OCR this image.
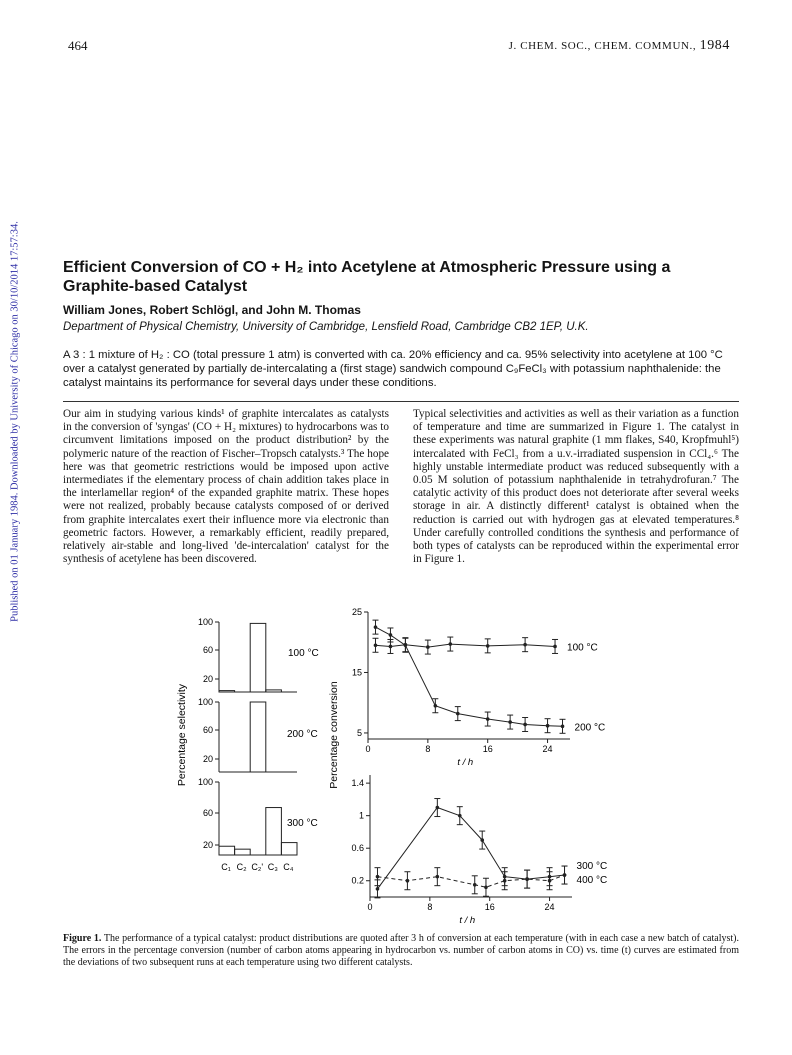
Published on 01 January 1984. Downloaded by University of Chicago on 30/10/2014 17:57:34.
464	J. CHEM. SOC., CHEM. COMMUN., 1984
Efficient Conversion of CO + H₂ into Acetylene at Atmospheric Pressure using a Graphite-based Catalyst
William Jones, Robert Schlögl, and John M. Thomas
Department of Physical Chemistry, University of Cambridge, Lensfield Road, Cambridge CB2 1EP, U.K.
A 3 : 1 mixture of H₂ : CO (total pressure 1 atm) is converted with ca. 20% efficiency and ca. 95% selectivity into acetylene at 100 °C over a catalyst generated by partially de-intercalating a (first stage) sandwich compound C₉FeCl₃ with potassium naphthalenide: the catalyst maintains its performance for several days under these conditions.
Our aim in studying various kinds¹ of graphite intercalates as catalysts in the conversion of 'syngas' (CO + H₂ mixtures) to hydrocarbons was to circumvent limitations imposed on the product distribution² by the polymeric nature of the reaction of Fischer–Tropsch catalysts.³ The hope here was that geometric restrictions would be imposed upon active intermediates if the elementary process of chain addition takes place in the interlamellar region⁴ of the expanded graphite matrix. These hopes were not realized, probably because catalysts composed of or derived from graphite intercalates exert their influence more via electronic than geometric factors. However, a remarkably efficient, readily prepared, relatively air-stable and long-lived 'de-intercalation' catalyst for the synthesis of acetylene has been discovered.
Typical selectivities and activities as well as their variation as a function of temperature and time are summarized in Figure 1. The catalyst in these experiments was natural graphite (1 mm flakes, S40, Kropfmuhl⁵) intercalated with FeCl₃ from a u.v.-irradiated suspension in CCl₄.⁶ The highly unstable intermediate product was reduced subsequently with a 0.05 M solution of potassium naphthalenide in tetrahydrofuran.⁷ The catalytic activity of this product does not deteriorate after several weeks storage in air. A distinctly different¹ catalyst is obtained when the reduction is carried out with hydrogen gas at elevated temperatures.⁸ Under carefully controlled conditions the synthesis and performance of both types of catalysts can be reproduced within the experimental error in Figure 1.
100
60
20
100 °C
100
60
20
200 °C
100
60
20
300 °C
C₁ C₂ C₂' C₃ C₄
Percentage selectivity
25
15
5
0	8	16	24
t / h
100 °C
200 °C
Percentage conversion 1.4
1
0.6
0.2
0	8	16	24
t / h
300 °C
400 °C
Figure 1. The performance of a typical catalyst: product distributions are quoted after 3 h of conversion at each temperature (with in each case a new batch of catalyst). The errors in the percentage conversion (number of carbon atoms appearing in hydrocarbon vs. number of carbon atoms in CO) vs. time (t) curves are estimated from the deviations of two subsequent runs at each temperature using two different catalysts.
